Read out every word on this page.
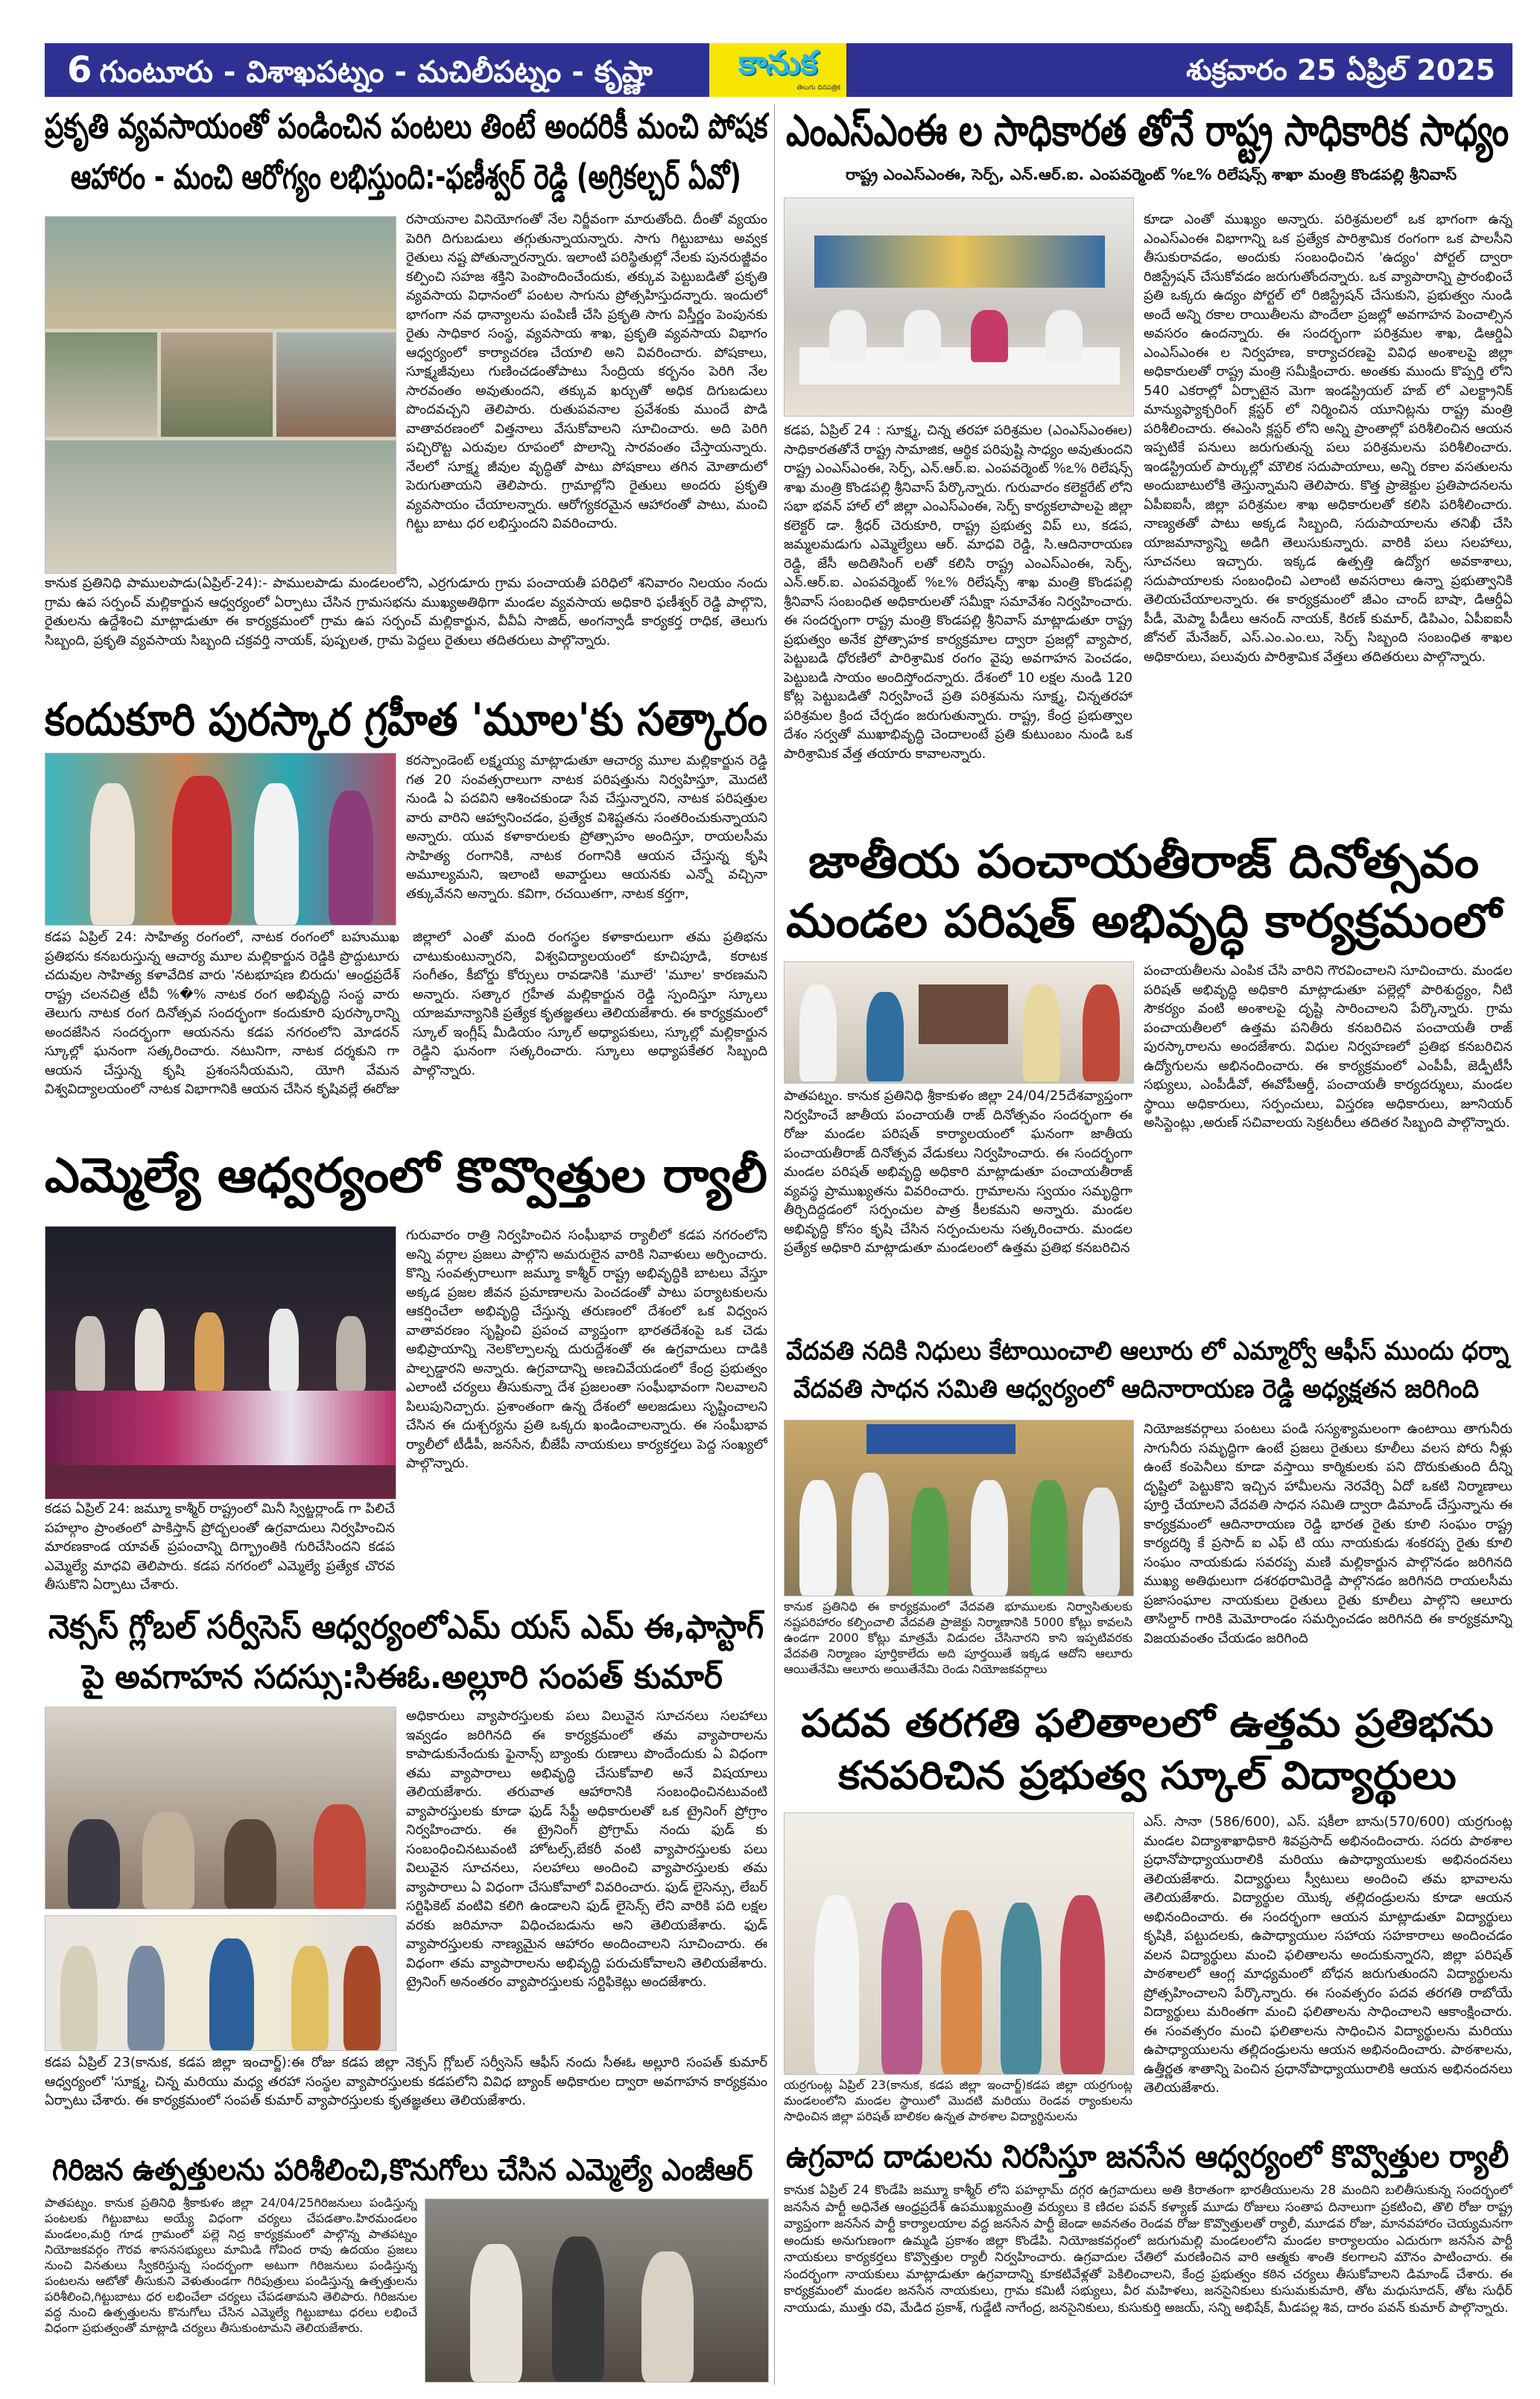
6 గుంటూరు - విశాఖపట్నం - మచిలీపట్నం - కృష్ణా	కానుక
తెలుగు దినపత్రిక
శుక్రవారం 25 ఏప్రిల్ 2025
ప్రకృతి వ్యవసాయంతో పండించిన పంటలు తింటే అందరికీ మంచి పోషక
ఆహారం - మంచి ఆరోగ్యం లభిస్తుంది:-ఫణీశ్వర్ రెడ్డి (అగ్రికల్చర్ ఏవో)
రసాయనాల వినియోగంతో నేల నిర్జీవంగా మారుతోంది. దీంతో వ్యయం పెరిగి దిగుబడులు తగ్గుతున్నాయన్నారు. సాగు గిట్టుబాటు అవ్వక రైతులు నష్ట పోతున్నారన్నారు. ఇలాంటి పరిస్థితుల్లో నేలకు పునరుజ్జీవం కల్పించి సహజ శక్తిని పెంపొందించేందుకు, తక్కువ పెట్టుబడితో ప్రకృతి వ్యవసాయ విధానంలో పంటల సాగును ప్రోత్సహిస్తుదన్నారు. ఇందులో భాగంగా నవ ధాన్యాలను పంపిణీ చేసి ప్రకృతి సాగు విస్తీర్ణం పెంపునకు రైతు సాధికార సంస్థ, వ్యవసాయ శాఖ, ప్రకృతి వ్యవసాయ విభాగం ఆధ్వర్యంలో కార్యాచరణ చేయాలి అని వివరించారు. పోషకాలు, సూక్ష్మజీవులు గుణించడంతోపాటు సేంద్రియ కర్బనం పెరిగి నేల సారవంతం అవుతుందని, తక్కువ ఖర్చుతో అధిక దిగుబడులు పొందవచ్చని తెలిపారు. రుతుపవనాల ప్రవేశంకు ముందే పొడి వాతావరణంలో విత్తనాలు వేసుకోవాలని సూచించారు. అది పెరిగి పచ్చిరొట్ట ఎరువుల రూపంలో పొలాన్ని సారవంతం చేస్తాయన్నారు. నేలలో సూక్ష్మ జీవుల వృద్ధితో పాటు పోషకాలు తగిన మోతాదులో పెరుగుతాయని తెలిపారు. గ్రామాల్లోని రైతులు అందరు ప్రకృతి వ్యవసాయం చేయాలన్నారు. ఆరోగ్యకరమైన ఆహారంతో పాటు, మంచి గిట్టు బాటు ధర లభిస్తుందని వివరించారు.
కానుక ప్రతినిధి పాములపాడు(ఏప్రిల్-24):- పాములపాడు మండలంలోని, ఎర్రగుడూరు గ్రామ పంచాయతీ పరిధిలో శనివారం నిలయం నందు గ్రామ ఉప సర్పంచ్ మల్లికార్జున ఆధ్వర్యంలో ఏర్పాటు చేసిన గ్రామసభను ముఖ్యఅతిథిగా మండల వ్యవసాయ అధికారి ఫణీశ్వర్ రెడ్డి పాల్గొని, రైతులను ఉద్దేశించి మాట్లాడుతూ ఈ కార్యక్రమంలో గ్రామ ఉప సర్పంచ్ మల్లికార్జున, వీవీఏ సాజిద్, అంగన్వాడీ కార్యకర్త రాధిక, తెలుగు సిబ్బంది, ప్రకృతి వ్యవసాయ సిబ్బంది చక్రవర్తి నాయక్, పుష్పలత, గ్రామ పెద్దలు రైతులు తదితరులు పాల్గొన్నారు.
కందుకూరి పురస్కార గ్రహీత 'మూల'కు సత్కారం
కరస్పాండెంట్ లక్ష్మయ్య మాట్లాడుతూ ఆచార్య మూల మల్లికార్జున రెడ్డి గత 20 సంవత్సరాలుగా నాటక పరిషత్తును నిర్వహిస్తూ, మొదటి నుండి ఏ పదవిని ఆశించకుండా సేవ చేస్తున్నారని, నాటక పరిషత్తుల వారు వారిని ఆహ్వానించడం, ప్రత్యేక విశిష్టతను సంతరించుకున్నాయని అన్నారు. యువ కళాకారులకు ప్రోత్సాహం అందిస్తూ, రాయలసీమ సాహిత్య రంగానికి, నాటక రంగానికి ఆయన చేస్తున్న కృషి అమూల్యమని, ఇలాంటి అవార్డులు ఆయనకు ఎన్నో వచ్చినా తక్కువేనని అన్నారు. కవిగా, రచయితగా, నాటక కర్తగా,
కడప ఏప్రిల్ 24: సాహిత్య రంగంలో, నాటక రంగంలో బహుముఖ ప్రతిభను కనబరుస్తున్న ఆచార్య మూల మల్లికార్జున రెడ్డికి ప్రొద్దుటూరు చదువుల సాహిత్య కళావేదిక వారు 'నటభూషణ బిరుదు' ఆంధ్రప్రదేశ్ రాష్ట్ర చలనచిత్ర టీవీ %�‌% నాటక రంగ అభివృద్ధి సంస్థ వారు తెలుగు నాటక రంగ దినోత్సవ సందర్భంగా కందుకూరి పురస్కారాన్ని అందజేసిన సందర్భంగా ఆయనను కడప నగరంలోని మోడరన్ స్కూల్లో ఘనంగా సత్కరించారు. నటునిగా, నాటక దర్శకుని గా ఆయన చేస్తున్న కృషి ప్రశంసనీయమని, యోగి వేమన విశ్వవిద్యాలయంలో నాటక విభాగానికి ఆయన చేసిన కృషివల్లే ఈరోజు జిల్లాలో ఎంతో మంది రంగస్థల కళాకారులుగా తమ ప్రతిభను చాటుకుంటున్నారని, విశ్వవిద్యాలయంలో కూచిపూడి, కరాటక సంగీతం, కీబోర్డు కోర్సులు రావడానికి 'మూలే' 'మూల' కారణమని అన్నారు. సత్కార గ్రహీత మల్లికార్జున రెడ్డి స్పందిస్తూ స్కూలు యాజమాన్యానికి ప్రత్యేక కృతజ్ఞతలు తెలియజేశారు. ఈ కార్యక్రమంలో స్కూల్ ఇంగ్లీష్ మీడియం స్కూల్ అధ్యాపకులు, స్కూల్లో మల్లికార్జున రెడ్డిని ఘనంగా సత్కరించారు. స్కూలు అధ్యాపకేతర సిబ్బంది పాల్గొన్నారు.
ఎమ్మెల్యే ఆధ్వర్యంలో కొవ్వొత్తుల ర్యాలీ
గురువారం రాత్రి నిర్వహించిన సంఘీభావ ర్యాలీలో కడప నగరంలోని అన్ని వర్గాల ప్రజలు పాల్గొని అమరులైన వారికి నివాళులు అర్పించారు. కొన్ని సంవత్సరాలుగా జమ్మూ కాశ్మీర్ రాష్ట్ర అభివృద్ధికి బాటలు వేస్తూ అక్కడ ప్రజల జీవన ప్రమాణాలను పెంచడంతో పాటు పర్యాటకులను ఆకర్షించేలా అభివృద్ధి చేస్తున్న తరుణంలో దేశంలో ఒక విధ్వంస వాతావరణం సృష్టించి ప్రపంచ వ్యాప్తంగా భారతదేశంపై ఒక చెడు అభిప్రాయాన్ని నెలకొల్పాలన్న దురుద్దేశంతో ఈ ఉగ్రవాదులు దాడికి పాల్పడ్డారని అన్నారు. ఉగ్రవాదాన్ని అణచివేయడంలో కేంద్ర ప్రభుత్వం ఎలాంటి చర్యలు తీసుకున్నా దేశ ప్రజలంతా సంఘీభావంగా నిలవాలని పిలుపునిచ్చారు. ప్రశాంతంగా ఉన్న దేశంలో అలజడులు సృష్టించాలని చేసిన ఈ దుశ్చర్యను ప్రతి ఒక్కరు ఖండించాలన్నారు. ఈ సంఘీభావ ర్యాలీలో టీడీపీ, జనసేన, బీజేపీ నాయకులు కార్యకర్తలు పెద్ద సంఖ్యలో పాల్గొన్నారు.
కడప ఏప్రిల్ 24: జమ్మూ కాశ్మీర్ రాష్ట్రంలో మినీ స్విట్జర్లాండ్ గా పిలిచే పహల్గాం ప్రాంతంలో పాకిస్తాన్ ప్రోద్బలంతో ఉగ్రవాదులు నిర్వహించిన మారణకాండ యావత్ ప్రపంచాన్ని దిగ్భ్రాంతికి గురిచేసిందని కడప ఎమ్మెల్యే మాధవి తెలిపారు. కడప నగరంలో ఎమ్మెల్యే ప్రత్యేక చొరవ తీసుకొని ఏర్పాటు చేశారు.
నెక్సస్ గ్లోబల్ సర్వీసెస్ ఆధ్వర్యంలోఎమ్ యస్ ఎమ్ ఈ,ఫాస్టాగ్
పై అవగాహన సదస్సు:సిఈఓ.అల్లూరి సంపత్ కుమార్
అధికారులు వ్యాపారస్తులకు పలు విలువైన సూచనలు సలహాలు ఇవ్వడం జరిగినది ఈ కార్యక్రమంలో తమ వ్యాపారాలను కాపాడుకునేందుకు ఫైనాన్స్ బ్యాంకు రుణాలు పొందేందుకు ఏ విధంగా తమ వ్యాపారాలు అభివృద్ధి చేసుకోవాలి అనే విషయాలు తెలియజేశారు. తరువాత ఆహారానికి సంబంధించినటువంటి వ్యాపారస్తులకు కూడా ఫుడ్ సేఫ్టీ అధికారులతో ఒక ట్రైనింగ్ ప్రోగ్రాం నిర్వహించారు. ఈ ట్రైనింగ్ ప్రోగ్రామ్ నందు ఫుడ్ కు సంబంధించినటువంటి హోటల్స్,బేకరీ వంటి వ్యాపారస్తులకు పలు విలువైన సూచనలు, సలహాలు అందించి వ్యాపారస్తులకు తమ వ్యాపారాలు ఏ విధంగా చేసుకోవాలో వివరించారు. ఫుడ్ లైసెన్సు, లేబర్ సర్టిఫికెట్ వంటివి కలిగి ఉండాలని ఫుడ్ లైసెన్స్ లేని వారికి పది లక్షల వరకు జరిమానా విధించబడును అని తెలియజేశారు. ఫుడ్ వ్యాపారస్తులకు నాణ్యమైన ఆహారం అందించాలని సూచించారు. ఈ విధంగా తమ వ్యాపారాలను అభివృద్ధి పరుచుకోవాలని తెలియజేశారు. ట్రైనింగ్ అనంతరం వ్యాపారస్తులకు సర్టిఫికెట్లు అందజేశారు.
కడప ఏప్రిల్ 23(కానుక, కడప జిల్లా ఇంచార్జ్):ఈ రోజు కడప జిల్లా నెక్సస్ గ్లోబల్ సర్వీసెస్ ఆఫీస్ నందు సీఈఓ అల్లూరి సంపత్ కుమార్ ఆధ్వర్యంలో 'సూక్ష్మ, చిన్న మరియు మధ్య తరహా సంస్థల వ్యాపారస్తులకు కడపలోని వివిధ బ్యాంక్ అధికారుల ద్వారా అవగాహన కార్యక్రమం ఏర్పాటు చేశారు. ఈ కార్యక్రమంలో సంపత్ కుమార్ వ్యాపారస్తులకు కృతజ్ఞతలు తెలియజేశారు.
గిరిజన ఉత్పత్తులను పరిశీలించి,కొనుగోలు చేసిన ఎమ్మెల్యే ఎంజీఆర్
పాతపట్నం. కానుక ప్రతినిధి శ్రీకాకుళం జిల్లా 24/04/25గిరిజనులు పండిస్తున్న పంటలకు గిట్టుబాటు అయ్యే విధంగా చర్యలు చేపడతాం.హిరమండలం మండలం,మర్రి గూడ గ్రామంలో పల్లె నిద్ర కార్యక్రమంలో పాల్గొన్న పాతపట్నం నియోజకవర్గం గౌరవ శాసనసభ్యులు మామిడి గోవింద రావు ఉదయం ప్రజలు నుంచి వినతులు స్వీకరిస్తున్న సందర్భంగా అటుగా గిరిజనులు పండిస్తున్న పంటలను ఆటోతో తీసుకుని వెళుతుండగా గిరిపుత్రులు పండిస్తున్న ఉత్పత్తులను పరిశీలించి,గిట్టుబాటు ధర లభించేలా చర్యలు చేపడతామని తెలిపారు. గిరిజనుల వద్ద నుంచి ఉత్పత్తులను కొనుగోలు చేసిన ఎమ్మెల్యే గిట్టుబాటు ధరలు లభించే విధంగా ప్రభుత్వంతో మాట్లాడి చర్యలు తీసుకుంటామని తెలియజేశారు.
ఎంఎస్ఎంఈ ల సాధికారత తోనే రాష్ట్ర సాధికారిక సాధ్యం
రాష్ట్ర ఎంఎస్ఎంఈ, సెర్ప్, ఎన్.ఆర్.ఐ. ఎంపవర్మెంట్ %ఽ% రిలేషన్స్ శాఖా మంత్రి కొండపల్లి శ్రీనివాస్
కడప, ఏప్రిల్ 24 : సూక్ష్మ, చిన్న తరహా పరిశ్రమల (ఎంఎస్ఎంఈల) సాధికారతతోనే రాష్ట్ర సామాజిక, ఆర్థిక పరిపుష్టి సాధ్యం అవుతుందని రాష్ట్ర ఎంఎస్ఎంఈ, సెర్ప్, ఎన్.ఆర్.ఐ. ఎంపవర్మెంట్ %ఽ% రిలేషన్స్ శాఖ మంత్రి కొండపల్లి శ్రీనివాస్ పేర్కొన్నారు. గురువారం కలెక్టరేట్ లోని సభా భవన్ హాల్ లో జిల్లా ఎంఎస్ఎంఈ, సెర్ప్ కార్యకలాపాలపై జిల్లా కలెక్టర్ డా. శ్రీధర్ చెరుకూరి, రాష్ట్ర ప్రభుత్వ విప్ లు, కడప, జమ్మలమడుగు ఎమ్మెల్యేలు ఆర్. మాధవి రెడ్డి, సి.ఆదినారాయణ రెడ్డి, జేసీ అదితిసింగ్ లతో కలిసి రాష్ట్ర ఎంఎస్ఎంఈ, సెర్ప్, ఎన్.ఆర్.ఐ. ఎంపవర్మెంట్ %ఽ% రిలేషన్స్ శాఖ మంత్రి కొండపల్లి శ్రీనివాస్ సంబంధిత అధికారులతో సమీక్షా సమావేశం నిర్వహించారు. ఈ సందర్భంగా రాష్ట్ర మంత్రి కొండపల్లి శ్రీనివాస్ మాట్లాడుతూ రాష్ట్ర ప్రభుత్వం అనేక ప్రోత్సాహక కార్యక్రమాల ద్వారా ప్రజల్లో వ్యాపార, పెట్టుబడి ధోరణిలో పారిశ్రామిక రంగం వైపు అవగాహన పెంచడం, పెట్టుబడి సాయం అందిస్తోందన్నారు. దేశంలో 10 లక్షల నుండి 120 కోట్ల పెట్టుబడితో నిర్వహించే ప్రతి పరిశ్రమను సూక్ష్మ, చిన్నతరహా పరిశ్రమల క్రింద చేర్చడం జరుగుతున్నారు. రాష్ట్ర, కేంద్ర ప్రభుత్వాల దేశం సర్వతో ముఖాభివృద్ధి చెందాలంటే ప్రతి కుటుంబం నుండి ఒక పారిశ్రామిక వేత్త తయారు కావాలన్నారు.
కూడా ఎంతో ముఖ్యం అన్నారు. పరిశ్రమలలో ఒక భాగంగా ఉన్న ఎంఎస్ఎంఈ విభాగాన్ని ఒక ప్రత్యేక పారిశ్రామిక రంగంగా ఒక పాలసీని తీసుకురావడం, అందుకు సంబంధించిన 'ఉద్యం' పోర్టల్ ద్వారా రిజిస్ట్రేషన్ చేసుకోవడం జరుగుతోందన్నారు. ఒక వ్యాపారాన్ని ప్రారంభించే ప్రతి ఒక్కరు ఉద్యం పోర్టల్ లో రిజిస్ట్రేషన్ చేసుకుని, ప్రభుత్వం నుండి అందే అన్ని రకాల రాయితీలను పొందేలా ప్రజల్లో అవగాహన పెంచాల్సిన అవసరం ఉందన్నారు. ఈ సందర్భంగా పరిశ్రమల శాఖ, డిఆర్డిఏ ఎంఎస్ఎంఈ ల నిర్వహణ, కార్యాచరణపై వివిధ అంశాలపై జిల్లా అధికారులతో రాష్ట్ర మంత్రి సమీక్షించారు. అంతకు ముందు కొప్పర్తి లోని 540 ఎకరాల్లో ఏర్పాటైన మెగా ఇండస్ట్రియల్ హబ్ లో ఎలక్ట్రానిక్ మాన్యుఫ్యాక్చరింగ్ క్లస్టర్ లో నిర్మించిన యూనిట్లను రాష్ట్ర మంత్రి పరిశీలించారు. ఈఎంసి క్లస్టర్ లోని అన్ని ప్రాంతాల్లో పరిశీలించిన ఆయన ఇప్పటికే పనులు జరుగుతున్న పలు పరిశ్రమలను పరిశీలించారు. ఇండస్ట్రియల్ పార్కుల్లో మౌలిక సదుపాయాలు, అన్ని రకాల వసతులను అందుబాటులోకి తెస్తున్నామని తెలిపారు. కొత్త ప్రాజెక్టుల ప్రతిపాదనలను ఏపీఐఐసీ, జిల్లా పరిశ్రమల శాఖ అధికారులతో కలిసి పరిశీలించారు. నాణ్యతతో పాటు అక్కడ సిబ్బంది, సదుపాయాలను తనిఖీ చేసి యాజమాన్యాన్ని అడిగి తెలుసుకున్నారు. వారికి పలు సలహాలు, సూచనలు ఇచ్చారు. ఇక్కడ ఉత్పత్తి ఉద్యోగ అవకాశాలు, సదుపాయాలకు సంబంధించి ఎలాంటి అవసరాలు ఉన్నా ప్రభుత్వానికి తెలియచేయాలన్నారు. ఈ కార్యక్రమంలో జీఎం చాంద్ బాషా, డిఆర్డీఏ పీడీ, మెప్మా పీడీలు ఆనంద్ నాయక్, కిరణ్ కుమార్, డిపిఎం, ఏపీఐఐసీ జోనల్ మేనేజర్, ఎస్.ఎం.ఎం.లు, సెర్ప్ సిబ్బంది సంబంధిత శాఖల అధికారులు, పలువురు పారిశ్రామిక వేత్తలు తదితరులు పాల్గొన్నారు.
జాతీయ పంచాయతీరాజ్ దినోత్సవం
మండల పరిషత్ అభివృద్ధి కార్యక్రమంలో
పాతపట్నం. కానుక ప్రతినిధి శ్రీకాకుళం జిల్లా 24/04/25దేశవ్యాప్తంగా నిర్వహించే జాతీయ పంచాయతీ రాజ్ దినోత్సవం సందర్భంగా ఈ రోజు మండల పరిషత్ కార్యాలయంలో ఘనంగా జాతీయ పంచాయతీరాజ్ దినోత్సవ వేడుకలు నిర్వహించారు. ఈ సందర్భంగా మండల పరిషత్ అభివృద్ధి అధికారి మాట్లాడుతూ పంచాయతీరాజ్ వ్యవస్థ ప్రాముఖ్యతను వివరించారు. గ్రామాలను స్వయం సమృద్ధిగా తీర్చిదిద్దడంలో సర్పంచుల పాత్ర కీలకమని అన్నారు. మండల అభివృద్ధి కోసం కృషి చేసిన సర్పంచులను సత్కరించారు. మండల ప్రత్యేక అధికారి మాట్లాడుతూ మండలంలో ఉత్తమ ప్రతిభ కనబరిచిన
పంచాయతీలను ఎంపిక చేసి వారిని గౌరవించాలని సూచించారు. మండల పరిషత్ అభివృద్ధి అధికారి మాట్లాడుతూ పల్లెల్లో పారిశుద్ధ్యం, నీటి సౌకర్యం వంటి అంశాలపై దృష్టి సారించాలని పేర్కొన్నారు. గ్రామ పంచాయతీలలో ఉత్తమ పనితీరు కనబరిచిన పంచాయతీ రాజ్ పురస్కారాలను అందజేశారు. విధుల నిర్వహణలో ప్రతిభ కనబరిచిన ఉద్యోగులను అభినందించారు. ఈ కార్యక్రమంలో ఎంపీపీ, జెడ్పీటీసీ సభ్యులు, ఎంపీడీవో, ఈవోపీఆర్డీ, పంచాయతీ కార్యదర్శులు, మండల స్థాయి అధికారులు, సర్పంచులు, విస్తరణ అధికారులు, జూనియర్ అసిస్టెంట్లు ,అరుణ్ సచివాలయ సెక్రటరీలు తదితర సిబ్బంది పాల్గొన్నారు.
వేదవతి నదికి నిధులు కేటాయించాలి ఆలూరు లో ఎమ్మార్వో ఆఫీస్ ముందు ధర్నా
వేదవతి సాధన సమితి ఆధ్వర్యంలో ఆదినారాయణ రెడ్డి అధ్యక్షతన జరిగింది
కానుక ప్రతినిధి ఈ కార్యక్రమంలో వేదవతి భూములకు నిర్వాసితులకు నష్టపరిహారం కల్పించాలి వేదవతి ప్రాజెక్టు నిర్మాణానికి 5000 కోట్లు కావలసి ఉండగా 2000 కోట్లు మాత్రమే విడుదల చేసినారని కాని ఇప్పటివరకు వేదవతి నిర్మాణం పూర్తికాలేదు అది పూర్తయితే ఇక్కడ ఆదోని ఆలూరు ఆయితేనేమి ఆలూరు అయితేనేమి రెండు నియోజకవర్గాలు
నియోజకవర్గాలు పంటలు పండి సస్యశ్యామలంగా ఉంటాయి తాగునీరు సాగునీరు సమృద్ధిగా ఉంటే ప్రజలు రైతులు కూలీలు వలస పోరు నీళ్లు ఉంటే కంపెనీలు కూడా వస్తాయి కార్మికులకు పని దొరుకుతుంది దీన్ని దృష్టిలో పెట్టుకొని ఇచ్చిన హామీలను నెరవేర్చి ఏదో ఒకటి నిర్మాణాలు పూర్తి చేయాలని వేదవతి సాధన సమితి ద్వారా డిమాండ్ చేస్తున్నాను ఈ కార్యక్రమంలో ఆదినారాయణ రెడ్డి భారత రైతు కూలి సంఘం రాష్ట్ర కార్యదర్శి కే ప్రసాద్ ఐ ఎఫ్ టి యు నాయకుడు శంకరప్ప రైతు కూలి సంఘం నాయకుడు సవరప్ప మణి మల్లికార్జున పాల్గొనడం జరిగినది ముఖ్య అతిథులుగా దశరథరామిరెడ్డి పాల్గొనడం జరిగినది రాయలసీమ ప్రజాసంఘాల నాయకులు రైతులు రైతు కూలీలు పాల్గొని ఆలూరు తాసిల్దార్ గారికి మెమోరాండం సమర్పించడం జరిగినది ఈ కార్యక్రమాన్ని విజయవంతం చేయడం జరిగింది
పదవ తరగతి ఫలితాలలో ఉత్తమ ప్రతిభను
కనపరిచిన ప్రభుత్వ స్కూల్ విద్యార్థులు
యర్రగుంట్ల ఏప్రిల్ 23(కానుక, కడప జిల్లా ఇంచార్జ్)కడప జిల్లా యర్రగుంట్ల మండలంలోని మండల స్థాయిలో మొదటి మరియు రెండవ ర్యాంకులను సాధించిన జిల్లా పరిషత్ బాలికల ఉన్నత పాఠశాల విద్యార్థినులను
ఎస్. సానా (586/600), ఎస్. షకీలా బాను(570/600) యర్రగుంట్ల మండల విద్యాశాఖాధికారి శివప్రసాద్ అభినందించారు. సదరు పాఠశాల ప్రధానోపాధ్యాయురాలికి మరియు ఉపాధ్యాయులకు అభినందనలు తెలియజేశారు. విద్యార్థులు స్వీటులు అందించి తమ భావాలను తెలియజేశారు. విద్యార్థుల యొక్క తల్లిదండ్రులను కూడా ఆయన అభినందించారు. ఈ సందర్భంగా ఆయన మాట్లాడుతూ విద్యార్థులు కృషికి, పట్టుదలకు, ఉపాధ్యాయుల సహాయ సహకారాలు అందించడం వలన విద్యార్థులు మంచి ఫలితాలను అందుకున్నారని, జిల్లా పరిషత్ పాఠశాలలో ఆంగ్ల మాధ్యమంలో బోధన జరుగుతుందని విద్యార్థులను ప్రోత్సహించాలని పేర్కొన్నారు. ఈ సంవత్సరం పదవ తరగతి రాబోయే విద్యార్థులు మరింతగా మంచి ఫలితాలను సాధించాలని ఆకాంక్షించారు. ఈ సంవత్సరం మంచి ఫలితాలను సాధించిన విద్యార్థులను మరియు ఉపాధ్యాయులను తల్లిదండ్రులను ఆయన అభినందించారు. పాఠశాలను, ఉత్తీర్ణత శాతాన్ని పెంచిన ప్రధానోపాధ్యాయురాలికి ఆయన అభినందనలు తెలియజేశారు.
ఉగ్రవాద దాడులను నిరసిస్తూ జనసేన ఆధ్వర్యంలో కొవ్వొత్తుల ర్యాలీ
కానుక ఏప్రిల్ 24 కొండేపి జమ్మూ కాశ్మీర్ లోని పహల్గామ్ దగ్గర ఉగ్రవాదులు అతి కిరాతంగా భారతీయులను 28 మందిని బలితీసుకున్న సందర్భంలో జనసేన పార్టీ అధినేత ఆంధ్రప్రదేశ్ ఉపముఖ్యమంత్రి వర్యులు కె ణిదల పవన్ కళ్యాణ్ మూడు రోజులు సంతాప దినాలుగా ప్రకటించి, తొలి రోజు రాష్ట్ర వ్యాప్తంగా జనసేన పార్టీ కార్యాలయాల వద్ద జనసేన పార్టీ జెండా అవనతం రెండవ రోజు కొవ్వొత్తులతో ర్యాలీ, మూడవ రోజు, మానవహారం చెయ్యమనగా అందుకు అనుగుణంగా ఉమ్మడి ప్రకాశం జిల్లా కొండేపి. నియోజకవర్గంలో జరుగుమల్లి మండలంలోని మండల కార్యాలయం ఎదురుగా జనసేన పార్టీ నాయకులు కార్యకర్తలు కొవ్వొత్తుల ర్యాలీ నిర్వహించారు. ఉగ్రవాదుల చేతిలో మరణించిన వారి ఆత్మకు శాంతి కలగాలని మౌనం పాటించారు. ఈ సందర్భంగా నాయకులు మాట్లాడుతూ ఉగ్రవాదాన్ని కూకటివేళ్లతో పెకిలించాలని, కేంద్ర ప్రభుత్వం కఠిన చర్యలు తీసుకోవాలని డిమాండ్ చేశారు. ఈ కార్యక్రమంలో మండల జనసేన నాయకులు, గ్రామ కమిటీ సభ్యులు, వీర మహిళలు, జనసైనికులు కుసుమకుమారి, తోట మధుసూదన్, తోట సుధీర్ నాయుడు, ముత్తు రవి, మేడిద ప్రకాశ్, గుడ్డేటి నాగేంద్ర, జనసైనికులు, కుసుకుర్తి అజయ్, సన్ని అభిషేక్, మీడపల్ల శివ, దారం పవన్ కుమార్ పాల్గొన్నారు.
